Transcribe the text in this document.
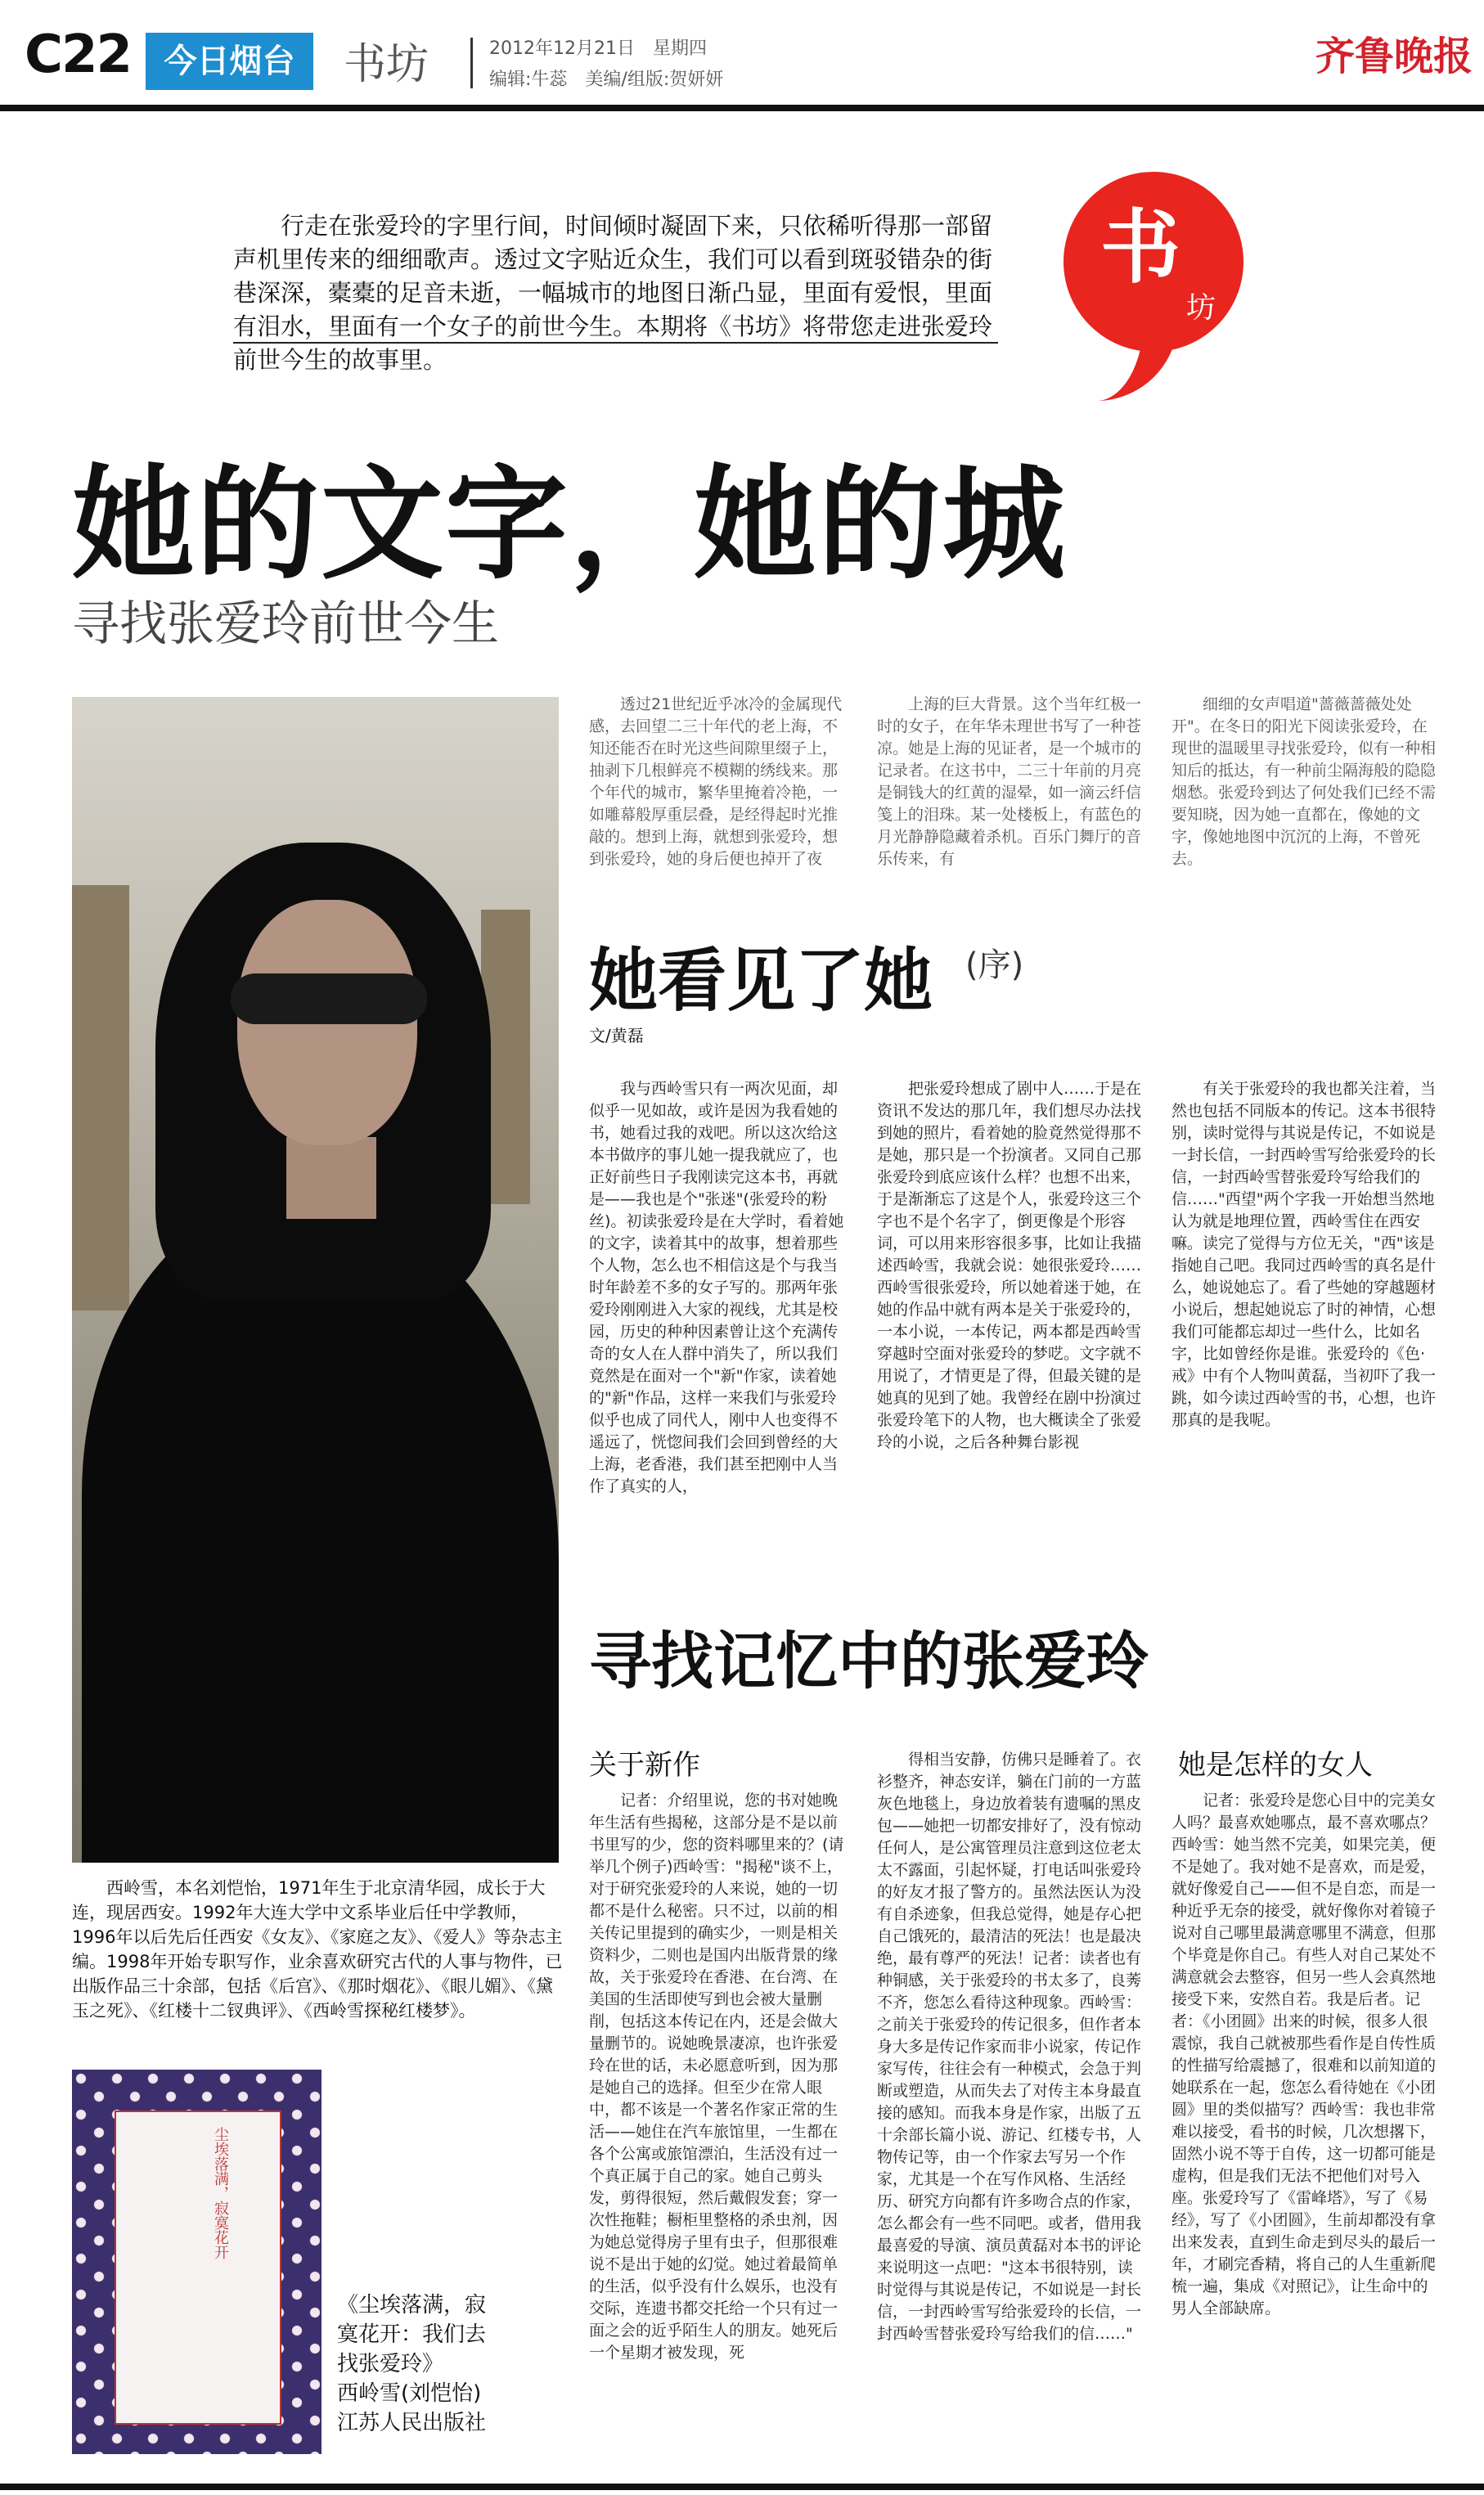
C22	今日烟台	书坊	2012年12月21日　星期四
编辑:牛蕊　美编/组版:贺妍妍
齐鲁晚报
行走在张爱玲的字里行间，时间倾时凝固下来，只依稀听得那一部留声机里传来的细细歌声。透过文字贴近众生，我们可以看到斑驳错杂的街巷深深，橐橐的足音未逝，一幅城市的地图日渐凸显，里面有爱恨，里面有泪水，里面有一个女子的前世今生。本期将《书坊》将带您走进张爱玲前世今生的故事里。
书
坊
她的文字，她的城
寻找张爱玲前世今生
西岭雪，本名刘恺怡，1971年生于北京清华园，成长于大连，现居西安。1992年大连大学中文系毕业后任中学教师，1996年以后先后任西安《女友》、《家庭之友》、《爱人》等杂志主编。1998年开始专职写作，业余喜欢研究古代的人事与物件，已出版作品三十余部，包括《后宫》、《那时烟花》、《眼儿媚》、《黛玉之死》、《红楼十二钗典评》、《西岭雪探秘红楼梦》。
尘埃落满，寂寞花开
《尘埃落满，寂寞花开：我们去找张爱玲》
西岭雪(刘恺怡)
江苏人民出版社

透过21世纪近乎冰冷的金属现代感，去回望二三十年代的老上海，不知还能否在时光这些间隙里缀子上，抽剥下几根鲜亮不模糊的绣线来。那个年代的城市，繁华里掩着冷艳，一如雕幕般厚重层叠，是经得起时光推敲的。想到上海，就想到张爱玲，想到张爱玲，她的身后便也掉开了夜

上海的巨大背景。这个当年红极一时的女子，在年华未理世书写了一种苍凉。她是上海的见证者，是一个城市的记录者。在这书中，二三十年前的月亮是铜钱大的红黄的湿晕，如一滴云纤信笺上的泪珠。某一处楼板上，有蓝色的月光静静隐藏着杀机。百乐门舞厅的音乐传来，有

细细的女声唱道"蔷薇蔷薇处处开"。在冬日的阳光下阅读张爱玲，在现世的温暖里寻找张爱玲，似有一种相知后的抵达，有一种前尘隔海般的隐隐烟愁。张爱玲到达了何处我们已经不需要知晓，因为她一直都在，像她的文字，像她地图中沉沉的上海，不曾死去。

她看见了她 (序)
文/黄磊

我与西岭雪只有一两次见面，却似乎一见如故，或许是因为我看她的书，她看过我的戏吧。所以这次给这本书做序的事儿她一提我就应了，也正好前些日子我刚读完这本书，再就是——我也是个"张迷"(张爱玲的粉丝)。初读张爱玲是在大学时，看着她的文字，读着其中的故事，想着那些个人物，怎么也不相信这是个与我当时年龄差不多的女子写的。那两年张爱玲刚刚进入大家的视线，尤其是校园，历史的种种因素曾让这个充满传奇的女人在人群中消失了，所以我们竟然是在面对一个"新"作家，读着她的"新"作品，这样一来我们与张爱玲似乎也成了同代人，刚中人也变得不遥远了，恍惚间我们会回到曾经的大上海，老香港，我们甚至把刚中人当作了真实的人，

把张爱玲想成了剧中人……于是在资讯不发达的那几年，我们想尽办法找到她的照片，看着她的脸竟然觉得那不是她，那只是一个扮演者。又同自己那张爱玲到底应该什么样？也想不出来，于是渐渐忘了这是个人，张爱玲这三个字也不是个名字了，倒更像是个形容词，可以用来形容很多事，比如让我描述西岭雪，我就会说：她很张爱玲……西岭雪很张爱玲，所以她着迷于她，在她的作品中就有两本是关于张爱玲的，一本小说，一本传记，两本都是西岭雪穿越时空面对张爱玲的梦呓。文字就不用说了，才情更是了得，但最关键的是她真的见到了她。我曾经在剧中扮演过张爱玲笔下的人物，也大概读全了张爱玲的小说，之后各种舞台影视

有关于张爱玲的我也都关注着，当然也包括不同版本的传记。这本书很特别，读时觉得与其说是传记，不如说是一封长信，一封西岭雪写给张爱玲的长信，一封西岭雪替张爱玲写给我们的信……"西望"两个字我一开始想当然地认为就是地理位置，西岭雪住在西安嘛。读完了觉得与方位无关，"西"该是指她自己吧。我同过西岭雪的真名是什么，她说她忘了。看了些她的穿越题材小说后，想起她说忘了时的神情，心想我们可能都忘却过一些什么，比如名字，比如曾经你是谁。张爱玲的《色·戒》中有个人物叫黄磊，当初吓了我一跳，如今读过西岭雪的书，心想，也许那真的是我呢。

寻找记忆中的张爱玲
关于新作	她是怎样的女人

记者：介绍里说，您的书对她晚年生活有些揭秘，这部分是不是以前书里写的少，您的资料哪里来的？(请举几个例子)西岭雪："揭秘"谈不上，对于研究张爱玲的人来说，她的一切都不是什么秘密。只不过，以前的相关传记里提到的确实少，一则是相关资料少，二则也是国内出版背景的缘故，关于张爱玲在香港、在台湾、在美国的生活即使写到也会被大量删削，包括这本传记在内，还是会做大量删节的。说她晚景凄凉，也许张爱玲在世的话，未必愿意听到，因为那是她自己的选择。但至少在常人眼中，都不该是一个著名作家正常的生活——她住在汽车旅馆里，一生都在各个公寓或旅馆漂泊，生活没有过一个真正属于自己的家。她自己剪头发，剪得很短，然后戴假发套；穿一次性拖鞋；橱柜里整格的杀虫剂，因为她总觉得房子里有虫子，但那很难说不是出于她的幻觉。她过着最简单的生活，似乎没有什么娱乐，也没有交际，连遗书都交托给一个只有过一面之会的近乎陌生人的朋友。她死后一个星期才被发现，死

得相当安静，仿佛只是睡着了。衣衫整齐，神态安详，躺在门前的一方蓝灰色地毯上，身边放着装有遗嘱的黑皮包——她把一切都安排好了，没有惊动任何人，是公寓管理员注意到这位老太太不露面，引起怀疑，打电话叫张爱玲的好友才报了警方的。虽然法医认为没有自杀迹象，但我总觉得，她是存心把自己饿死的，最清洁的死法！也是最决绝，最有尊严的死法！记者：读者也有种铜感，关于张爱玲的书太多了，良莠不齐，您怎么看待这种现象。西岭雪：之前关于张爱玲的传记很多，但作者本身大多是传记作家而非小说家，传记作家写传，往往会有一种模式，会急于判断或塑造，从而失去了对传主本身最直接的感知。而我本身是作家，出版了五十余部长篇小说、游记、红楼专书，人物传记等，由一个作家去写另一个作家，尤其是一个在写作风格、生活经历、研究方向都有许多吻合点的作家，怎么都会有一些不同吧。或者，借用我最喜爱的导演、演员黄磊对本书的评论来说明这一点吧："这本书很特别，读时觉得与其说是传记，不如说是一封长信，一封西岭雪写给张爱玲的长信，一封西岭雪替张爱玲写给我们的信……"

记者：张爱玲是您心目中的完美女人吗？最喜欢她哪点，最不喜欢哪点？西岭雪：她当然不完美，如果完美，便不是她了。我对她不是喜欢，而是爱，就好像爱自己——但不是自恋，而是一种近乎无奈的接受，就好像你对着镜子说对自己哪里最满意哪里不满意，但那个毕竟是你自己。有些人对自己某处不满意就会去整容，但另一些人会真然地接受下来，安然自若。我是后者。记者：《小团圆》出来的时候，很多人很震惊，我自己就被那些看作是自传性质的性描写给震撼了，很难和以前知道的她联系在一起，您怎么看待她在《小团圆》里的类似描写？西岭雪：我也非常难以接受，看书的时候，几次想撂下，固然小说不等于自传，这一切都可能是虚构，但是我们无法不把他们对号入座。张爱玲写了《雷峰塔》，写了《易经》，写了《小团圆》，生前却都没有拿出来发表，直到生命走到尽头的最后一年，才刷完香精，将自己的人生重新爬梳一遍，集成《对照记》，让生命中的男人全部缺席。
